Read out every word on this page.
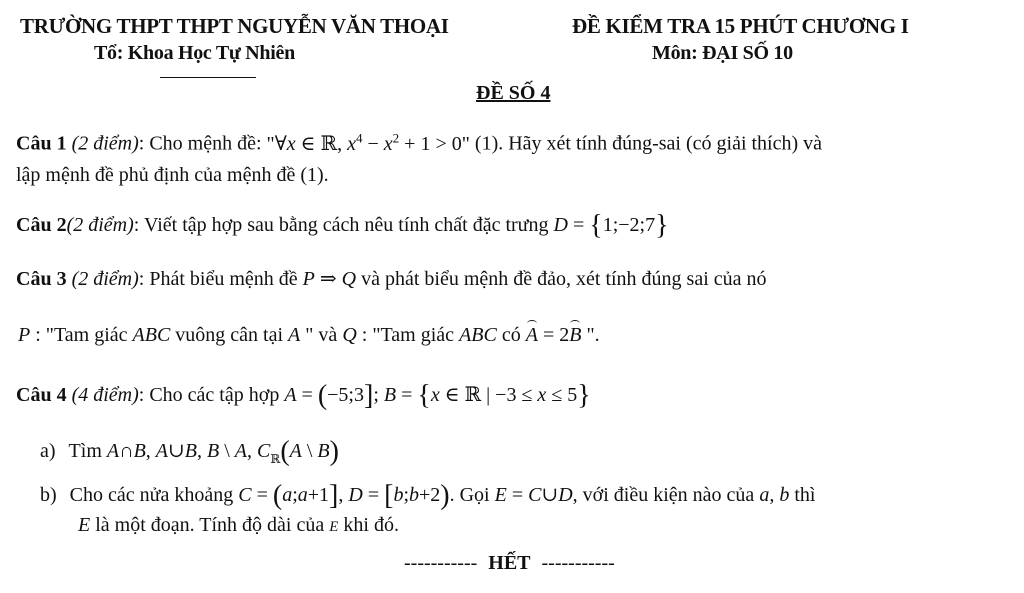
TRƯỜNG THPT THPT NGUYỄN VĂN THOẠI
Tổ: Khoa Học Tự Nhiên
ĐỀ KIỂM TRA 15 PHÚT CHƯƠNG I
Môn: ĐẠI SỐ 10
ĐỀ SỐ 4
Câu 1 (2 điểm): Cho mệnh đề: "∀x ∈ ℝ, $x^4 - x^2 + 1 > 0$" (1). Hãy xét tính đúng-sai (có giải thích) và
lập mệnh đề phủ định của mệnh đề (1).
Câu 2(2 điểm): Viết tập hợp sau bằng cách nêu tính chất đặc trưng D = {1;−2;7}
Câu 3 (2 điểm): Phát biểu mệnh đề P ⇒ Q và phát biểu mệnh đề đảo, xét tính đúng sai của nó
P : "Tam giác ABC vuông cân tại A " và Q : "Tam giác ABC có A = 2B ".
Câu 4 (4 điểm): Cho các tập hợp A = (−5;3]; B = {x ∈ ℝ | −3 ≤ x ≤ 5}
a) Tìm A∩B, A∪B, B \ A, $C_ℝ(A$ \ B)
b) Cho các nửa khoảng C = (a;a+1], D = [b;b+2). Gọi E = C∪D, với điều kiện nào của a, b thì
E là một đoạn. Tính độ dài của E khi đó.
----------- HẾT -----------
